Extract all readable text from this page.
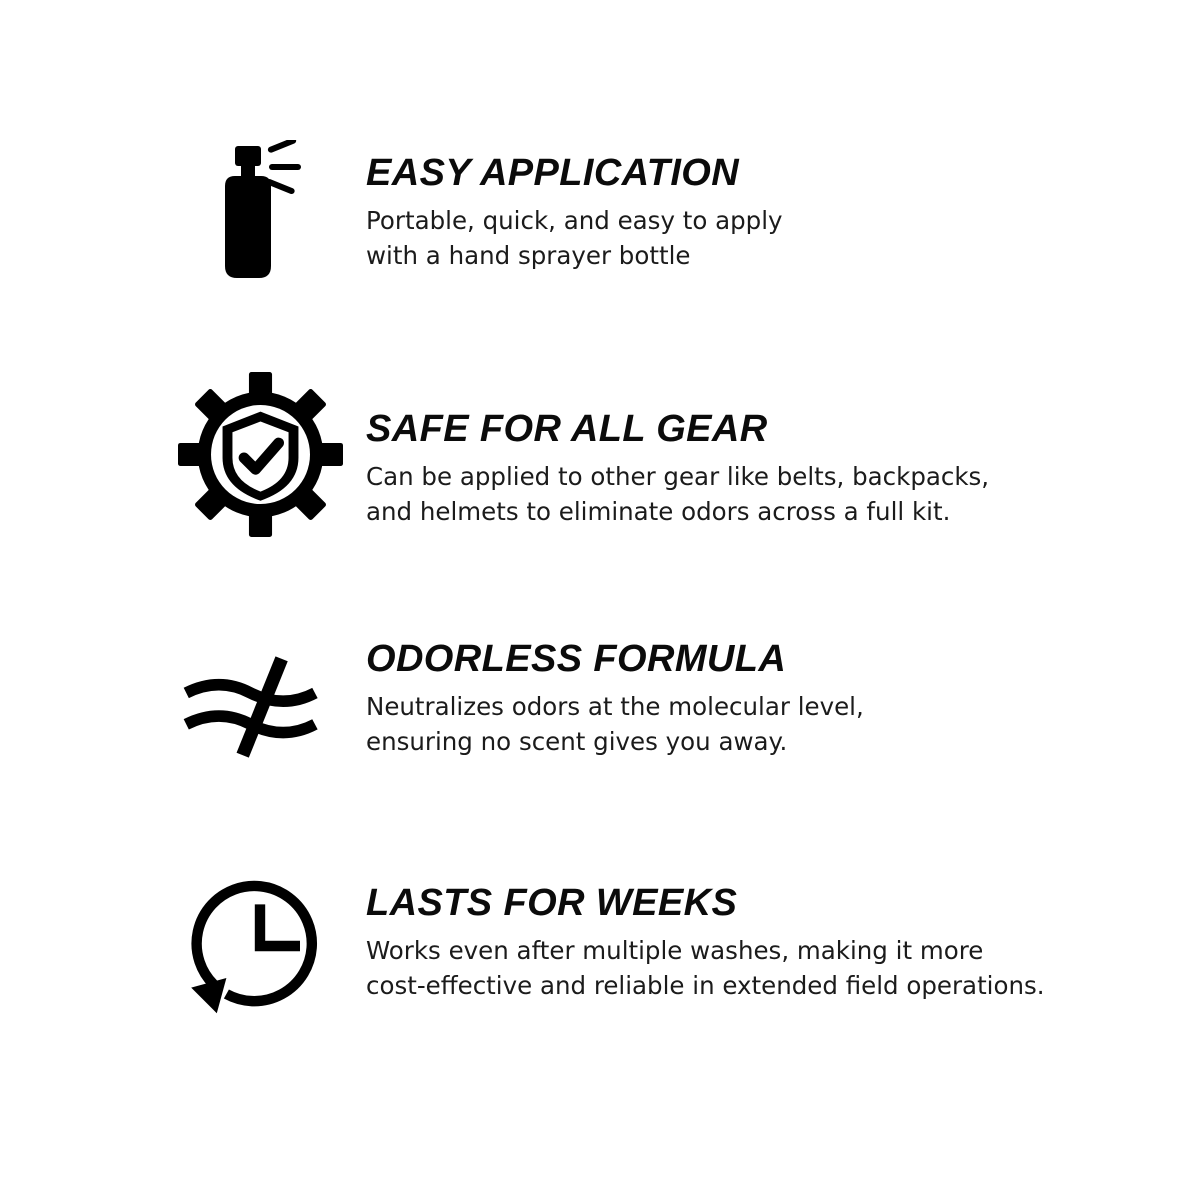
EASY APPLICATION

Portable, quick, and easy to apply
with a hand sprayer bottle

SAFE FOR ALL GEAR

Can be applied to other gear like belts, backpacks,
and helmets to eliminate odors across a full kit.

ODORLESS FORMULA

Neutralizes odors at the molecular level,
ensuring no scent gives you away.

LASTS FOR WEEKS

Works even after multiple washes, making it more
cost-effective and reliable in extended field operations.
